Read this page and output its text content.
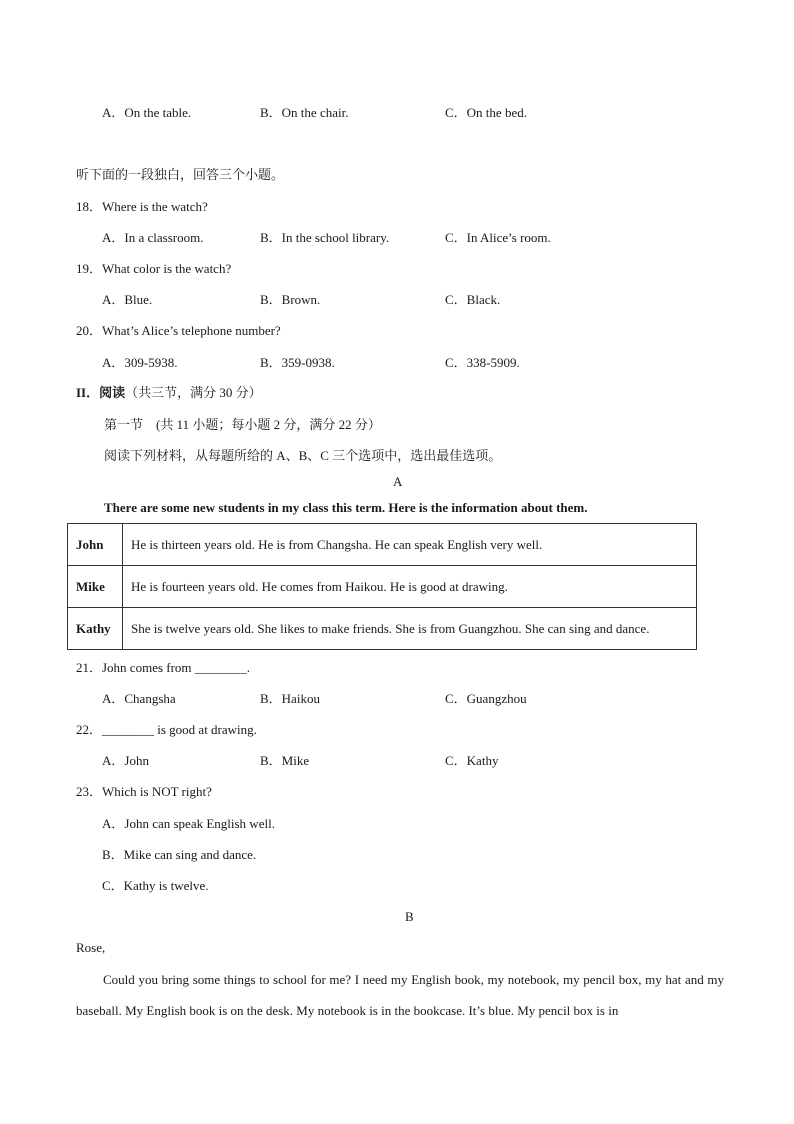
A．On the table.	B．On the chair.	C．On the bed.
听下面的一段独白，回答三个小题。
18．Where is the watch?
A．In a classroom.	B．In the school library.	C．In Alice’s room.
19．What color is the watch?
A．Blue.	B．Brown.	C．Black.
20．What’s Alice’s telephone number?
A．309-5938.	B．359-0938.	C．338-5909.
II．阅读（共三节，满分 30 分）
第一节　(共 11 小题；每小题 2 分，满分 22 分）
阅读下列材料，从每题所给的 A、B、C 三个选项中，选出最佳选项。
A
There are some new students in my class this term. Here is the information about them.
John	He is thirteen years old. He is from Changsha. He can speak English very well.
Mike	He is fourteen years old. He comes from Haikou. He is good at drawing.
Kathy	She is twelve years old. She likes to make friends. She is from Guangzhou. She can sing and dance.
21．John comes from ________.
A．Changsha	B．Haikou	C．Guangzhou
22．________ is good at drawing.
A．John	B．Mike	C．Kathy
23．Which is NOT right?
A．John can speak English well.
B．Mike can sing and dance.
C．Kathy is twelve.
B
Rose,
Could you bring some things to school for me? I need my English book, my notebook, my pencil box, my hat and my baseball. My English book is on the desk. My notebook is in the bookcase. It’s blue. My pencil box is in
